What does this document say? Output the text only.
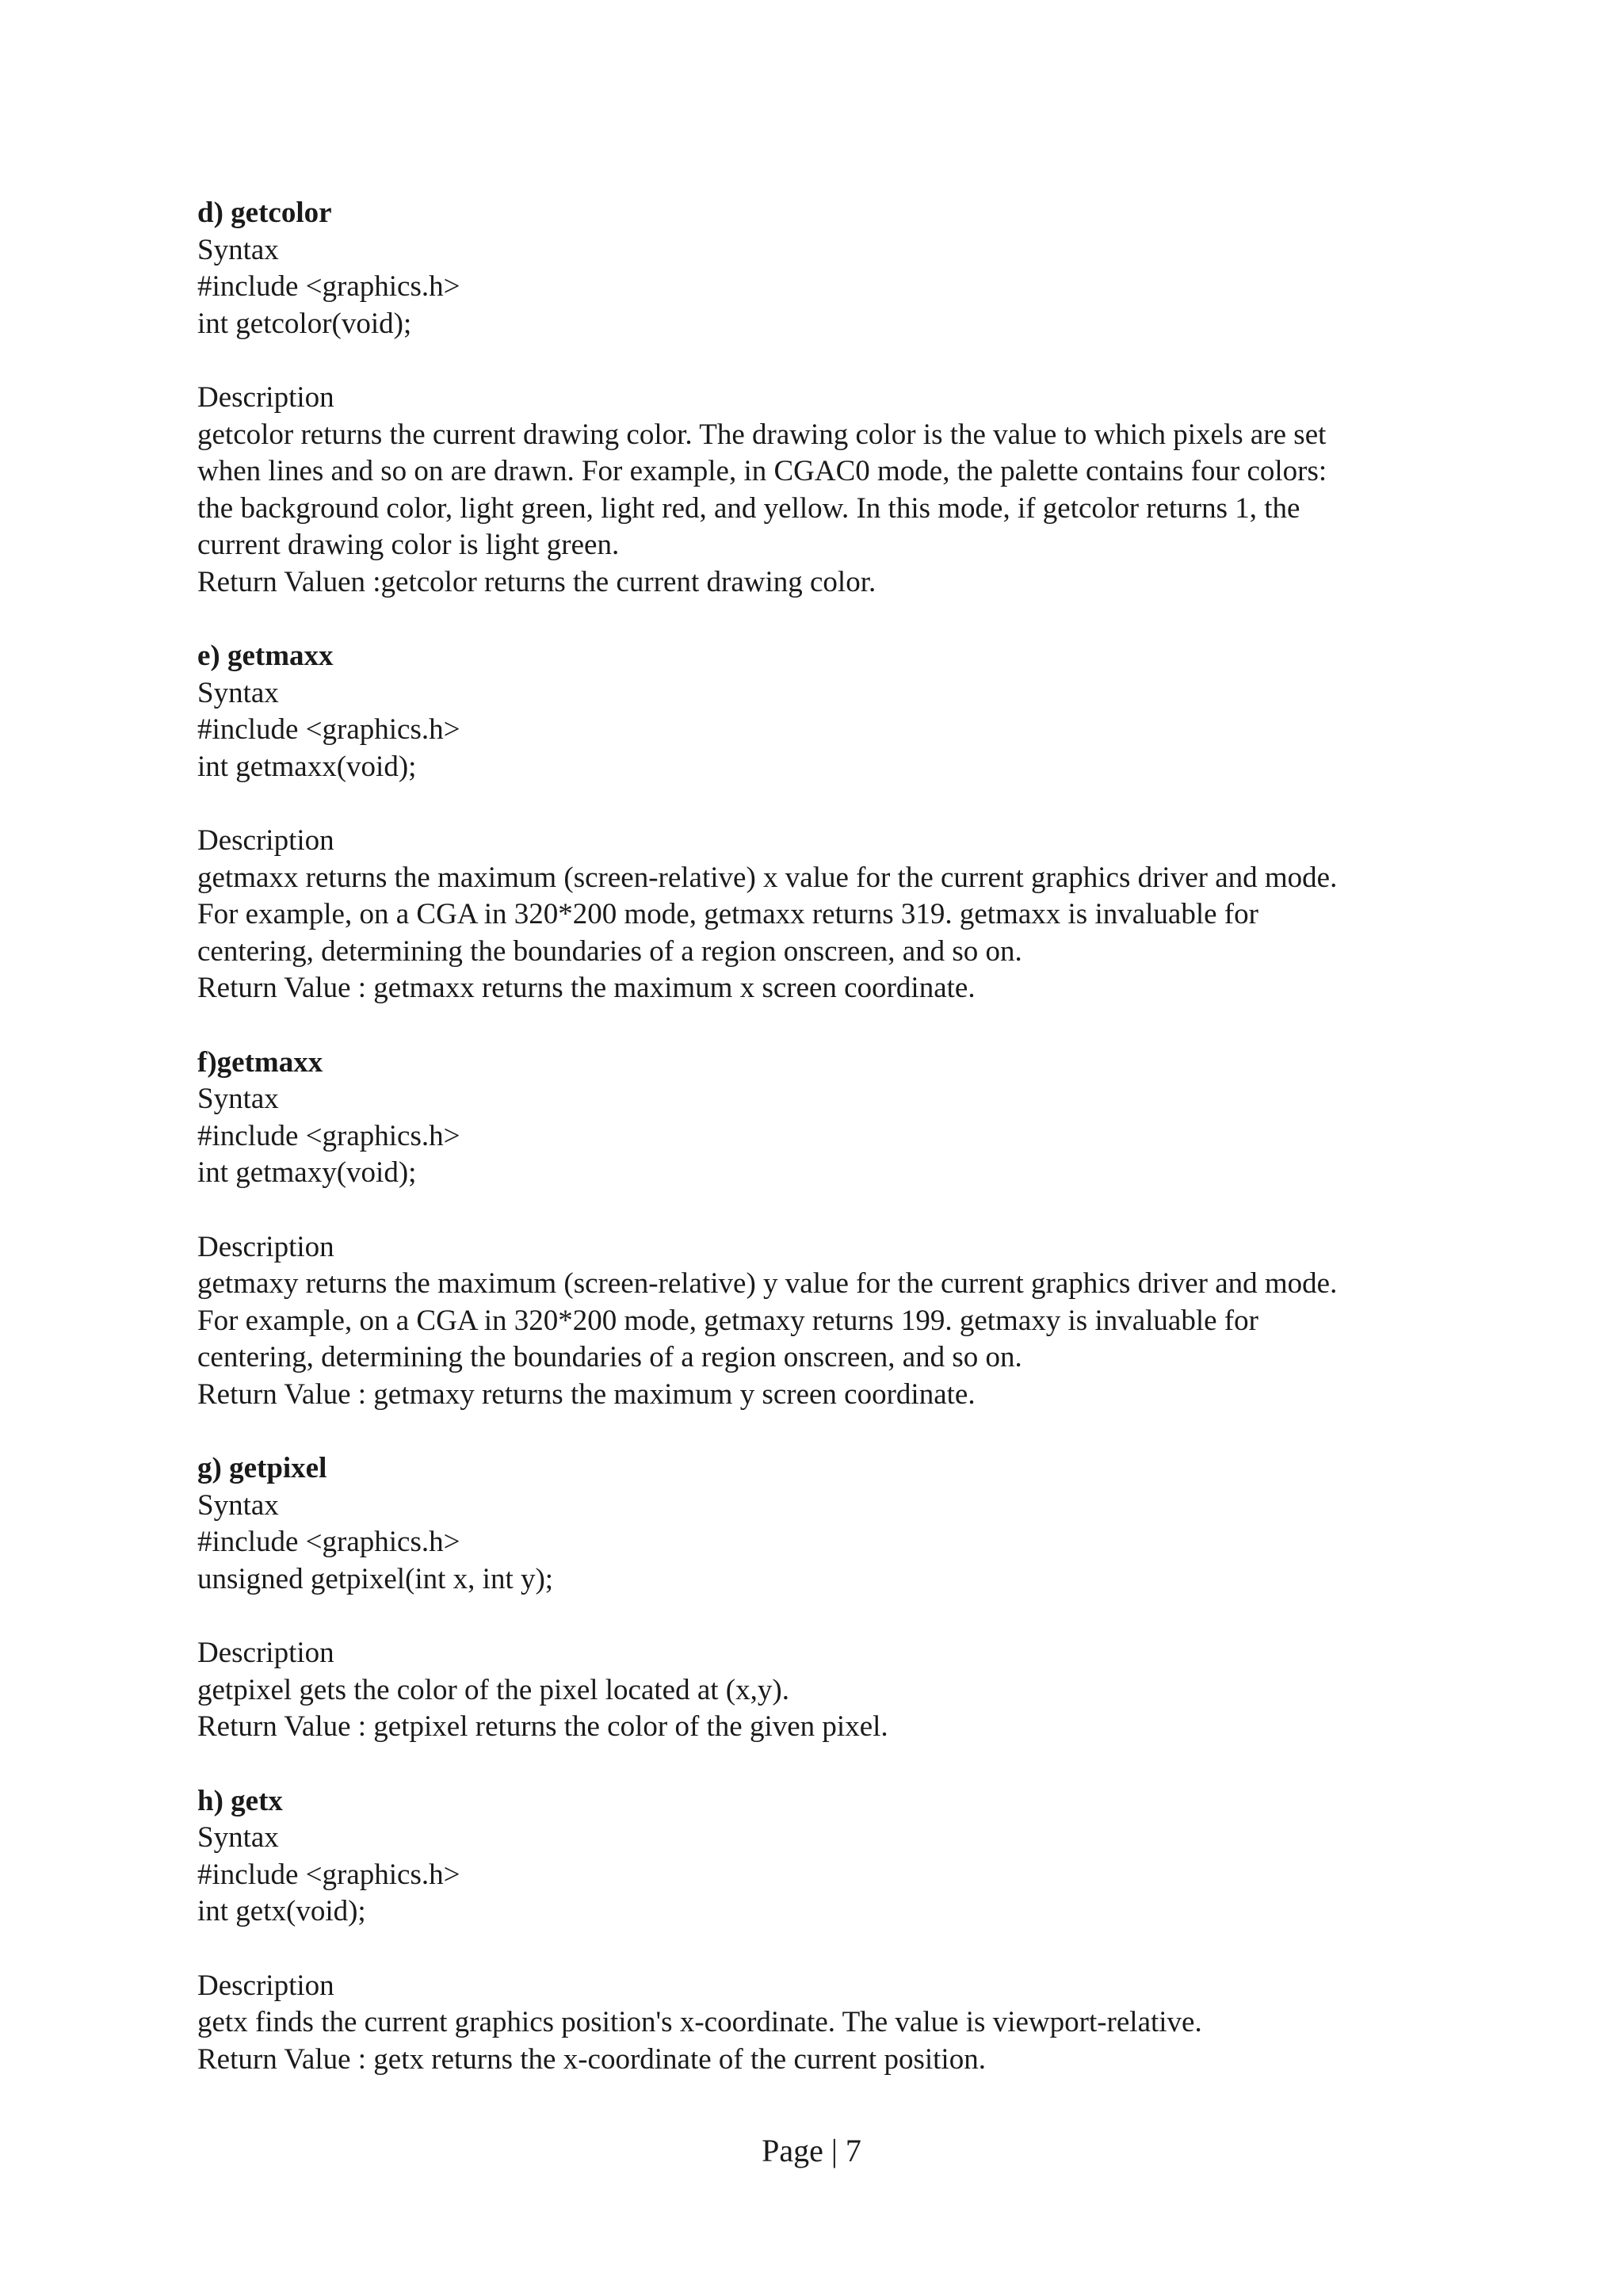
d) getcolor
Syntax
#include <graphics.h>
int getcolor(void);
Description
getcolor returns the current drawing color. The drawing color is the value to which pixels are set
when lines and so on are drawn. For example, in CGAC0 mode, the palette contains four colors:
the background color, light green, light red, and yellow. In this mode, if getcolor returns 1, the
current drawing color is light green.
Return Valuen :getcolor returns the current drawing color.
e) getmaxx
Syntax
#include <graphics.h>
int getmaxx(void);
Description
getmaxx returns the maximum (screen-relative) x value for the current graphics driver and mode.
For example, on a CGA in 320*200 mode, getmaxx returns 319. getmaxx is invaluable for
centering, determining the boundaries of a region onscreen, and so on.
Return Value : getmaxx returns the maximum x screen coordinate.
f)getmaxx
Syntax
#include <graphics.h>
int getmaxy(void);
Description
getmaxy returns the maximum (screen-relative) y value for the current graphics driver and mode.
For example, on a CGA in 320*200 mode, getmaxy returns 199. getmaxy is invaluable for
centering, determining the boundaries of a region onscreen, and so on.
Return Value : getmaxy returns the maximum y screen coordinate.
g) getpixel
Syntax
#include <graphics.h>
unsigned getpixel(int x, int y);
Description
getpixel gets the color of the pixel located at (x,y).
Return Value : getpixel returns the color of the given pixel.
h) getx
Syntax
#include <graphics.h>
int getx(void);
Description
getx finds the current graphics position's x-coordinate. The value is viewport-relative.
Return Value : getx returns the x-coordinate of the current position.
Page | 7
